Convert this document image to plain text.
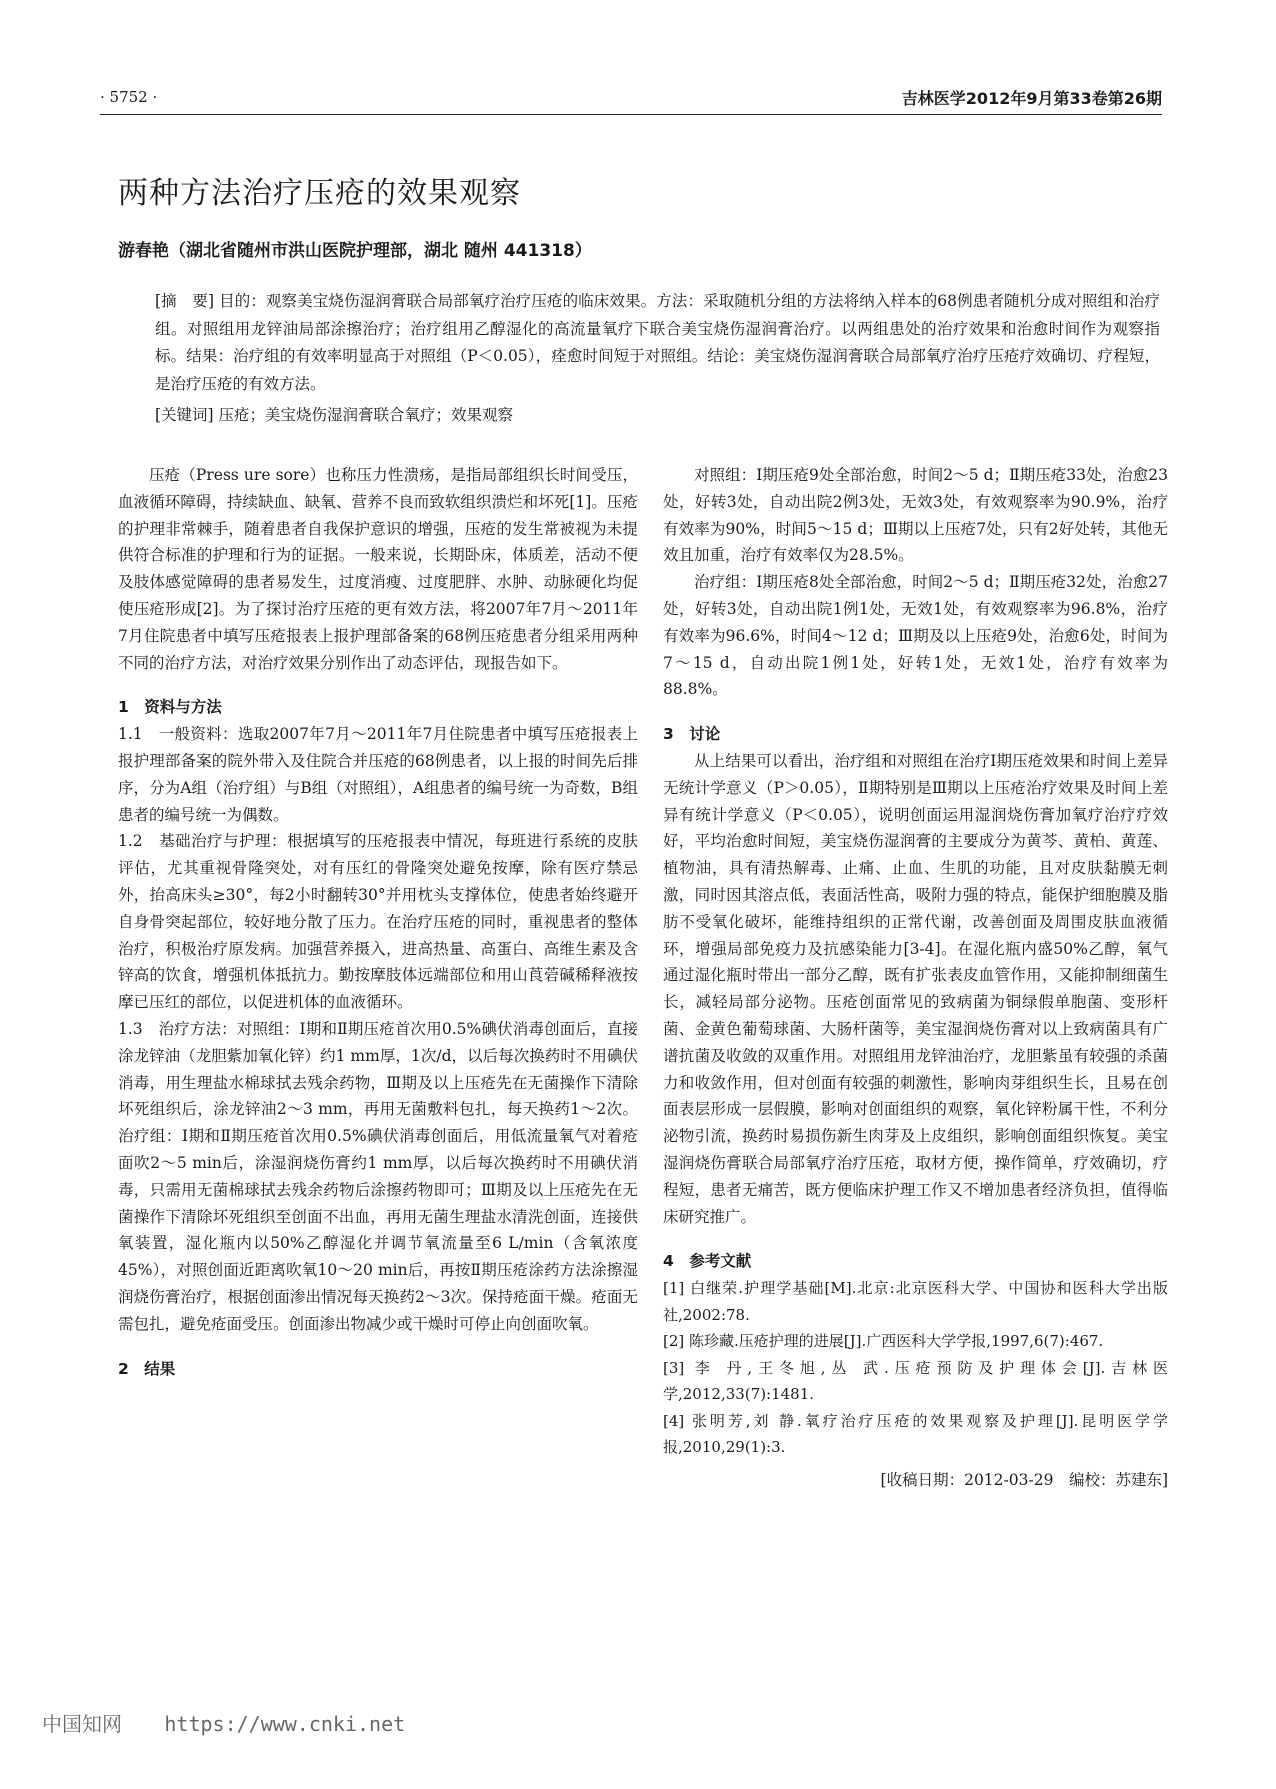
· 5752 ·	吉林医学2012年9月第33卷第26期
两种方法治疗压疮的效果观察
游春艳（湖北省随州市洪山医院护理部，湖北 随州 441318）
[摘　要] 目的：观察美宝烧伤湿润膏联合局部氧疗治疗压疮的临床效果。方法：采取随机分组的方法将纳入样本的68例患者随机分成对照组和治疗组。对照组用龙锌油局部涂擦治疗；治疗组用乙醇湿化的高流量氧疗下联合美宝烧伤湿润膏治疗。以两组患处的治疗效果和治愈时间作为观察指标。结果：治疗组的有效率明显高于对照组（P＜0.05），痊愈时间短于对照组。结论：美宝烧伤湿润膏联合局部氧疗治疗压疮疗效确切、疗程短，是治疗压疮的有效方法。
[关键词] 压疮；美宝烧伤湿润膏联合氧疗；效果观察

压疮（Press ure sore）也称压力性溃疡，是指局部组织长时间受压，血液循环障碍，持续缺血、缺氧、营养不良而致软组织溃烂和坏死[1]。压疮的护理非常棘手，随着患者自我保护意识的增强，压疮的发生常被视为未提供符合标准的护理和行为的证据。一般来说，长期卧床，体质差，活动不便及肢体感觉障碍的患者易发生，过度消瘦、过度肥胖、水肿、动脉硬化均促使压疮形成[2]。为了探讨治疗压疮的更有效方法，将2007年7月～2011年7月住院患者中填写压疮报表上报护理部备案的68例压疮患者分组采用两种不同的治疗方法，对治疗效果分别作出了动态评估，现报告如下。

1　资料与方法

1.1　一般资料：选取2007年7月～2011年7月住院患者中填写压疮报表上报护理部备案的院外带入及住院合并压疮的68例患者，以上报的时间先后排序，分为A组（治疗组）与B组（对照组），A组患者的编号统一为奇数，B组患者的编号统一为偶数。

1.2　基础治疗与护理：根据填写的压疮报表中情况，每班进行系统的皮肤评估，尤其重视骨隆突处，对有压红的骨隆突处避免按摩，除有医疗禁忌外，抬高床头≥30°，每2小时翻转30°并用枕头支撑体位，使患者始终避开自身骨突起部位，较好地分散了压力。在治疗压疮的同时，重视患者的整体治疗，积极治疗原发病。加强营养摄入，进高热量、高蛋白、高维生素及含锌高的饮食，增强机体抵抗力。勤按摩肢体远端部位和用山莨菪碱稀释液按摩已压红的部位，以促进机体的血液循环。

1.3　治疗方法：对照组：Ⅰ期和Ⅱ期压疮首次用0.5%碘伏消毒创面后，直接涂龙锌油（龙胆紫加氧化锌）约1 mm厚，1次/d，以后每次换药时不用碘伏消毒，用生理盐水棉球拭去残余药物，Ⅲ期及以上压疮先在无菌操作下清除坏死组织后，涂龙锌油2～3 mm，再用无菌敷料包扎，每天换药1～2次。治疗组：Ⅰ期和Ⅱ期压疮首次用0.5%碘伏消毒创面后，用低流量氧气对着疮面吹2～5 min后，涂湿润烧伤膏约1 mm厚，以后每次换药时不用碘伏消毒，只需用无菌棉球拭去残余药物后涂擦药物即可；Ⅲ期及以上压疮先在无菌操作下清除坏死组织至创面不出血，再用无菌生理盐水清洗创面，连接供氧装置，湿化瓶内以50%乙醇湿化并调节氧流量至6 L/min（含氧浓度45%），对照创面近距离吹氧10～20 min后，再按Ⅱ期压疮涂药方法涂擦湿润烧伤膏治疗，根据创面渗出情况每天换药2～3次。保持疮面干燥。疮面无需包扎，避免疮面受压。创面渗出物减少或干燥时可停止向创面吹氧。

2　结果

对照组：Ⅰ期压疮9处全部治愈，时间2～5 d；Ⅱ期压疮33处，治愈23处，好转3处，自动出院2例3处，无效3处，有效观察率为90.9%，治疗有效率为90%，时间5～15 d；Ⅲ期以上压疮7处，只有2好处转，其他无效且加重，治疗有效率仅为28.5%。

治疗组：Ⅰ期压疮8处全部治愈，时间2～5 d；Ⅱ期压疮32处，治愈27处，好转3处，自动出院1例1处，无效1处，有效观察率为96.8%，治疗有效率为96.6%，时间4～12 d；Ⅲ期及以上压疮9处，治愈6处，时间为7～15 d，自动出院1例1处，好转1处，无效1处，治疗有效率为88.8%。

3　讨论

从上结果可以看出，治疗组和对照组在治疗Ⅰ期压疮效果和时间上差异无统计学意义（P＞0.05），Ⅱ期特别是Ⅲ期以上压疮治疗效果及时间上差异有统计学意义（P＜0.05），说明创面运用湿润烧伤膏加氧疗治疗疗效好，平均治愈时间短，美宝烧伤湿润膏的主要成分为黄芩、黄柏、黄莲、植物油，具有清热解毒、止痛、止血、生肌的功能，且对皮肤黏膜无刺激，同时因其溶点低，表面活性高，吸附力强的特点，能保护细胞膜及脂肪不受氧化破坏，能维持组织的正常代谢，改善创面及周围皮肤血液循环，增强局部免疫力及抗感染能力[3-4]。在湿化瓶内盛50%乙醇，氧气通过湿化瓶时带出一部分乙醇，既有扩张表皮血管作用，又能抑制细菌生长，减轻局部分泌物。压疮创面常见的致病菌为铜绿假单胞菌、变形杆菌、金黄色葡萄球菌、大肠杆菌等，美宝湿润烧伤膏对以上致病菌具有广谱抗菌及收敛的双重作用。对照组用龙锌油治疗，龙胆紫虽有较强的杀菌力和收敛作用，但对创面有较强的刺激性，影响肉芽组织生长，且易在创面表层形成一层假膜，影响对创面组织的观察，氧化锌粉属干性，不利分泌物引流，换药时易损伤新生肉芽及上皮组织，影响创面组织恢复。美宝湿润烧伤膏联合局部氧疗治疗压疮，取材方便，操作简单，疗效确切，疗程短，患者无痛苦，既方便临床护理工作又不增加患者经济负担，值得临床研究推广。

4　参考文献

[1] 白继荣.护理学基础[M].北京:北京医科大学、中国协和医科大学出版社,2002:78.

[2] 陈珍藏.压疮护理的进展[J].广西医科大学学报,1997,6(7):467.

[3] 李 丹,王冬旭,丛 武.压疮预防及护理体会[J].吉林医学,2012,33(7):1481.

[4] 张明芳,刘 静.氧疗治疗压疮的效果观察及护理[J].昆明医学学报,2010,29(1):3.

[收稿日期：2012-03-29　编校：苏建东]
中国知网 https://www.cnki.net
